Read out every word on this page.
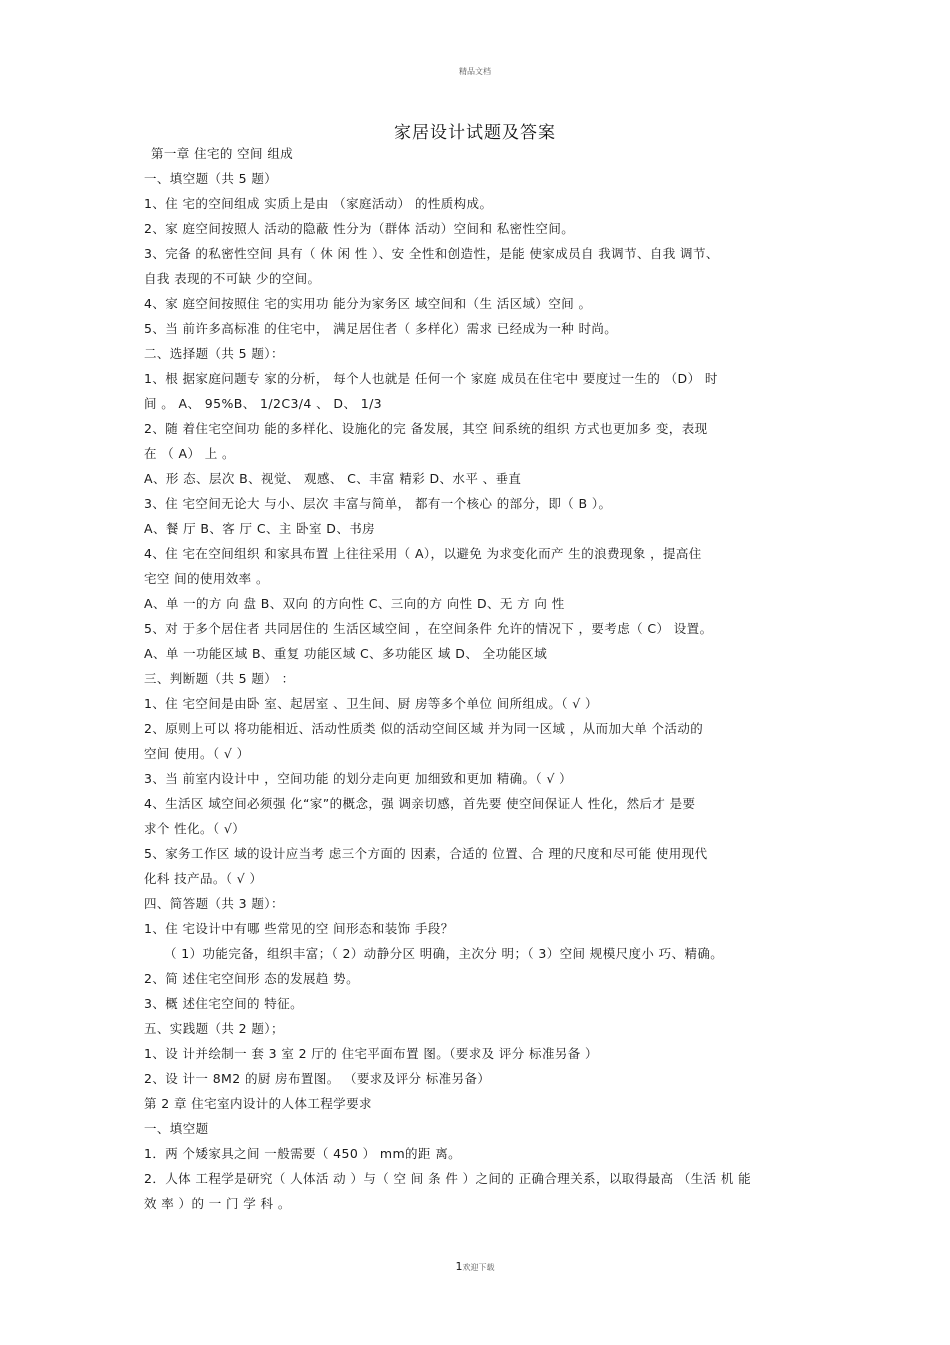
精品文档
家居设计试题及答案
第一章 住宅的 空间 组成
一、填空题（共 5 题）
1、住 宅的空间组成 实质上是由 （家庭活动） 的性质构成。
2、家 庭空间按照人 活动的隐蔽 性分为（群体 活动）空间和 私密性空间。
3、完备 的私密性空间 具有（ 休 闲 性 ）、安 全性和创造性，是能 使家成员自 我调节、自我 调节、
自我 表现的不可缺 少的空间。
4、家 庭空间按照住 宅的实用功 能分为家务区 域空间和（生 活区域）空间 。
5、当 前许多高标准 的住宅中， 满足居住者（ 多样化）需求 已经成为一种 时尚。
二、选择题（共 5 题）：
1、根 据家庭问题专 家的分析， 每个人也就是 任何一个 家庭 成员在住宅中 要度过一生的 （D） 时
间 。 A、 95%B、 1/2C3/4 、 D、 1/3
2、随 着住宅空间功 能的多样化、设施化的完 备发展，其空 间系统的组织 方式也更加多 变，表现
在 （ A） 上 。
A、形 态、层次 B、视觉、 观感、 C、丰富 精彩 D、水平 、垂直
3、住 宅空间无论大 与小、层次 丰富与简单， 都有一个核心 的部分，即（ B ）。
A、餐 厅 B、客 厅 C、主 卧室 D、书房
4、住 宅在空间组织 和家具布置 上往往采用（ A），以避免 为求变化而产 生的浪费现象 ，提高住
宅空 间的使用效率 。
A、单 一的方 向 盘 B、双向 的方向性 C、三向的方 向性 D、无 方 向 性
5、对 于多个居住者 共同居住的 生活区域空间 ，在空间条件 允许的情况下 ，要考虑（ C） 设置。
A、单 一功能区域 B、重复 功能区域 C、多功能区 域 D、 全功能区域
三、判断题（共 5 题） ：
1、住 宅空间是由卧 室、起居室 、卫生间、厨 房等多个单位 间所组成。（ √ ）
2、原则上可以 将功能相近、活动性质类 似的活动空间区域 并为同一区域 ，从而加大单 个活动的
空间 使用。（ √ ）
3、当 前室内设计中 ，空间功能 的划分走向更 加细致和更加 精确。（ √ ）
4、生活区 域空间必须强 化“家”的概念，强 调亲切感，首先要 使空间保证人 性化，然后才 是要
求个 性化。（ √）
5、家务工作区 域的设计应当考 虑三个方面的 因素，合适的 位置、合 理的尺度和尽可能 使用现代
化科 技产品。（ √ ）
四、简答题（共 3 题）：
1、住 宅设计中有哪 些常见的空 间形态和装饰 手段？
（ 1）功能完备，组织丰富；（ 2）动静分区 明确，主次分 明；（ 3）空间 规模尺度小 巧、精确。
2、简 述住宅空间形 态的发展趋 势。
3、概 述住宅空间的 特征。
五、实践题（共 2 题）；
1、设 计并绘制一 套 3 室 2 厅的 住宅平面布置 图。（要求及 评分 标准另备 ）
2、设 计一 8M2 的厨 房布置图。 （要求及评分 标准另备）
第 2 章 住宅室内设计的人体工程学要求
一、填空题
1．两 个矮家具之间 一般需要（ 450 ） mm的距 离。
2．人体 工程学是研究（ 人体活 动 ）与（ 空 间 条 件 ）之间的 正确合理关系，以取得最高 （生活 机 能
效 率 ）的 一 门 学 科 。
1欢迎下载
